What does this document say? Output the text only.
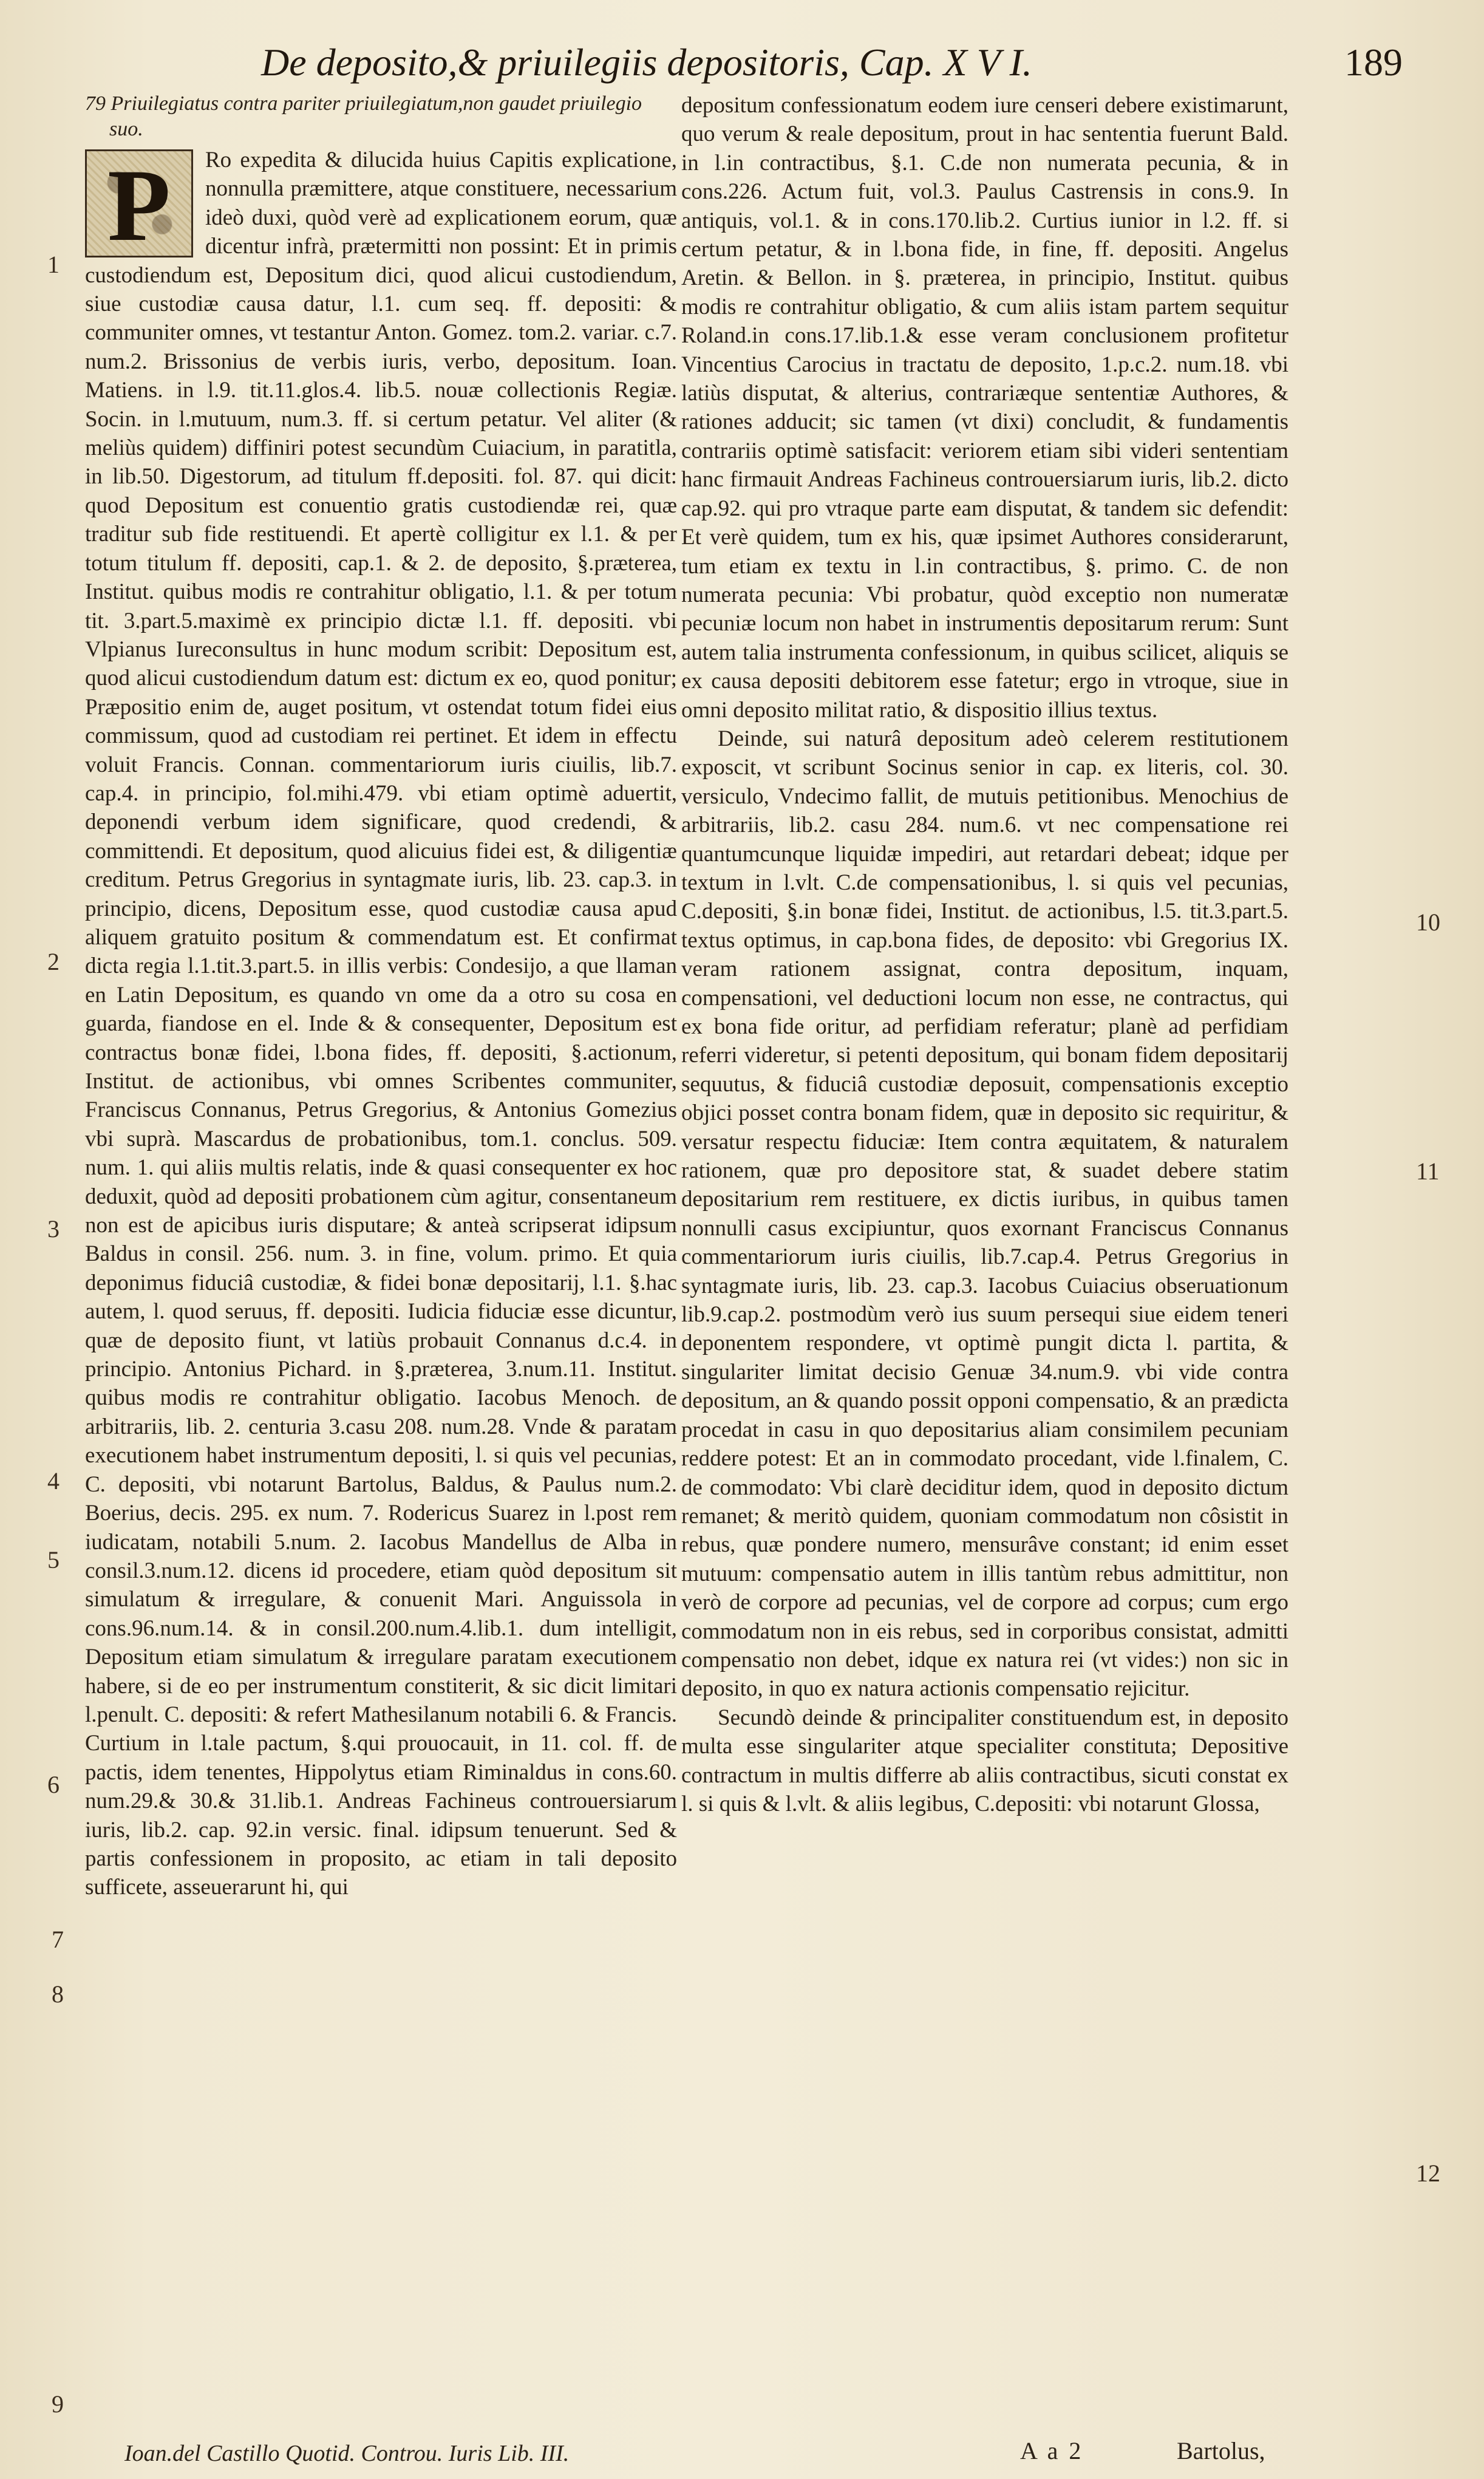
De deposito,& priuilegiis depositoris, Cap. X V I.	189

79 Priuilegiatus contra pariter priuilegiatum,non gaudet priuilegio suo.

P	Ro expedita & dilucida huius Capitis explicatione, nonnulla præmittere, atque constituere, necessarium ideò duxi, quòd verè ad explicationem eorum, quæ dicentur infrà, prætermitti non possint: Et in primis custodiendum est, Depositum dici, quod alicui custodiendum, siue custodiæ causa datur, l.1. cum seq. ff. depositi: & communiter omnes, vt testantur Anton. Gomez. tom.2. variar. c.7. num.2. Brissonius de verbis iuris, verbo, depositum. Ioan. Matiens. in l.9. tit.11.glos.4. lib.5. nouæ collectionis Regiæ. Socin. in l.mutuum, num.3. ff. si certum petatur. Vel aliter (& meliùs quidem) diffiniri potest secundùm Cuiacium, in paratitla, in lib.50. Digestorum, ad titulum ff.depositi. fol. 87. qui dicit: quod Depositum est conuentio gratis custodiendæ rei, quæ traditur sub fide restituendi. Et apertè colligitur ex l.1. & per totum titulum ff. depositi, cap.1. & 2. de deposito, §.præterea, Institut. quibus modis re contrahitur obligatio, l.1. & per totum tit. 3.part.5.maximè ex principio dictæ l.1. ff. depositi. vbi Vlpianus Iureconsultus in hunc modum scribit: Depositum est, quod alicui custodiendum datum est: dictum ex eo, quod ponitur; Præpositio enim de, auget positum, vt ostendat totum fidei eius commissum, quod ad custodiam rei pertinet. Et idem in effectu voluit Francis. Connan. commentariorum iuris ciuilis, lib.7. cap.4. in principio, fol.mihi.479. vbi etiam optimè aduertit, deponendi verbum idem significare, quod credendi, & committendi. Et depositum, quod alicuius fidei est, & diligentiæ creditum. Petrus Gregorius in syntagmate iuris, lib. 23. cap.3. in principio, dicens, Depositum esse, quod custodiæ causa apud aliquem gratuito positum & commendatum est. Et confirmat dicta regia l.1.tit.3.part.5. in illis verbis: Condesijo, a que llaman en Latin Depositum, es quando vn ome da a otro su cosa en guarda, fiandose en el. Inde & & consequenter, Depositum est contractus bonæ fidei, l.bona fides, ff. depositi, §.actionum, Institut. de actionibus, vbi omnes Scribentes communiter, Franciscus Connanus, Petrus Gregorius, & Antonius Gomezius vbi suprà. Mascardus de probationibus, tom.1. conclus. 509. num. 1. qui aliis multis relatis, inde & quasi consequenter ex hoc deduxit, quòd ad depositi probationem cùm agitur, consentaneum non est de apicibus iuris disputare; & anteà scripserat idipsum Baldus in consil. 256. num. 3. in fine, volum. primo. Et quia deponimus fiduciâ custodiæ, & fidei bonæ depositarij, l.1. §.hac autem, l. quod seruus, ff. depositi. Iudicia fiduciæ esse dicuntur, quæ de deposito fiunt, vt latiùs probauit Connanus d.c.4. in principio. Antonius Pichard. in §.præterea, 3.num.11. Institut. quibus modis re contrahitur obligatio. Iacobus Menoch. de arbitrariis, lib. 2. centuria 3.casu 208. num.28. Vnde & paratam executionem habet instrumentum depositi, l. si quis vel pecunias, C. depositi, vbi notarunt Bartolus, Baldus, & Paulus num.2. Boerius, decis. 295. ex num. 7. Rodericus Suarez in l.post rem iudicatam, notabili 5.num. 2. Iacobus Mandellus de Alba in consil.3.num.12. dicens id procedere, etiam quòd depositum sit simulatum & irregulare, & conuenit Mari. Anguissola in cons.96.num.14. & in consil.200.num.4.lib.1. dum intelligit, Depositum etiam simulatum & irregulare paratam executionem habere, si de eo per instrumentum constiterit, & sic dicit limitari l.penult. C. depositi: & refert Mathesilanum notabili 6. & Francis. Curtium in l.tale pactum, §.qui prouocauit, in 11. col. ff. de pactis, idem tenentes, Hippolytus etiam Riminaldus in cons.60. num.29.& 30.& 31.lib.1. Andreas Fachineus controuersiarum iuris, lib.2. cap. 92.in versic. final. idipsum tenuerunt. Sed & partis confessionem in proposito, ac etiam in tali deposito sufficete, asseuerarunt hi, qui

depositum confessionatum eodem iure censeri debere existimarunt, quo verum & reale depositum, prout in hac sententia fuerunt Bald. in l.in contractibus, §.1. C.de non numerata pecunia, & in cons.226. Actum fuit, vol.3. Paulus Castrensis in cons.9. In antiquis, vol.1. & in cons.170.lib.2. Curtius iunior in l.2. ff. si certum petatur, & in l.bona fide, in fine, ff. depositi. Angelus Aretin. & Bellon. in §. præterea, in principio, Institut. quibus modis re contrahitur obligatio, & cum aliis istam partem sequitur Roland.in cons.17.lib.1.& esse veram conclusionem profitetur Vincentius Carocius in tractatu de deposito, 1.p.c.2. num.18. vbi latiùs disputat, & alterius, contrariæque sententiæ Authores, & rationes adducit; sic tamen (vt dixi) concludit, & fundamentis contrariis optimè satisfacit: veriorem etiam sibi videri sententiam hanc firmauit Andreas Fachineus controuersiarum iuris, lib.2. dicto cap.92. qui pro vtraque parte eam disputat, & tandem sic defendit: Et verè quidem, tum ex his, quæ ipsimet Authores considerarunt, tum etiam ex textu in l.in contractibus, §. primo. C. de non numerata pecunia: Vbi probatur, quòd exceptio non numeratæ pecuniæ locum non habet in instrumentis depositarum rerum: Sunt autem talia instrumenta confessionum, in quibus scilicet, aliquis se ex causa depositi debitorem esse fatetur; ergo in vtroque, siue in omni deposito militat ratio, & dispositio illius textus.

Deinde, sui naturâ depositum adeò celerem restitutionem exposcit, vt scribunt Socinus senior in cap. ex literis, col. 30. versiculo, Vndecimo fallit, de mutuis petitionibus. Menochius de arbitrariis, lib.2. casu 284. num.6. vt nec compensatione rei quantumcunque liquidæ impediri, aut retardari debeat; idque per textum in l.vlt. C.de compensationibus, l. si quis vel pecunias, C.depositi, §.in bonæ fidei, Institut. de actionibus, l.5. tit.3.part.5. textus optimus, in cap.bona fides, de deposito: vbi Gregorius IX. veram rationem assignat, contra depositum, inquam, compensationi, vel deductioni locum non esse, ne contractus, qui ex bona fide oritur, ad perfidiam referatur; planè ad perfidiam referri videretur, si petenti depositum, qui bonam fidem depositarij sequutus, & fiduciâ custodiæ deposuit, compensationis exceptio objici posset contra bonam fidem, quæ in deposito sic requiritur, & versatur respectu fiduciæ: Item contra æquitatem, & naturalem rationem, quæ pro depositore stat, & suadet debere statim depositarium rem restituere, ex dictis iuribus, in quibus tamen nonnulli casus excipiuntur, quos exornant Franciscus Connanus commentariorum iuris ciuilis, lib.7.cap.4. Petrus Gregorius in syntagmate iuris, lib. 23. cap.3. Iacobus Cuiacius obseruationum lib.9.cap.2. postmodùm verò ius suum persequi siue eidem teneri deponentem respondere, vt optimè pungit dicta l. partita, & singulariter limitat decisio Genuæ 34.num.9. vbi vide contra depositum, an & quando possit opponi compensatio, & an prædicta procedat in casu in quo depositarius aliam consimilem pecuniam reddere potest: Et an in commodato procedant, vide l.finalem, C. de commodato: Vbi clarè deciditur idem, quod in deposito dictum remanet; & meritò quidem, quoniam commodatum non côsistit in rebus, quæ pondere numero, mensurâve constant; id enim esset mutuum: compensatio autem in illis tantùm rebus admittitur, non verò de corpore ad pecunias, vel de corpore ad corpus; cum ergo commodatum non in eis rebus, sed in corporibus consistat, admitti compensatio non debet, idque ex natura rei (vt vides:) non sic in deposito, in quo ex natura actionis compensatio rejicitur.

Secundò deinde & principaliter constituendum est, in deposito multa esse singulariter atque specialiter constituta; Depositive contractum in multis differre ab aliis contractibus, sicuti constat ex l. si quis & l.vlt. & aliis legibus, C.depositi: vbi notarunt Glossa,

1
2
3
4
5
6
7
8
9
10
11
12
Ioan.del Castillo Quotid. Controu. Iuris Lib. III.	A a 2	Bartolus,
